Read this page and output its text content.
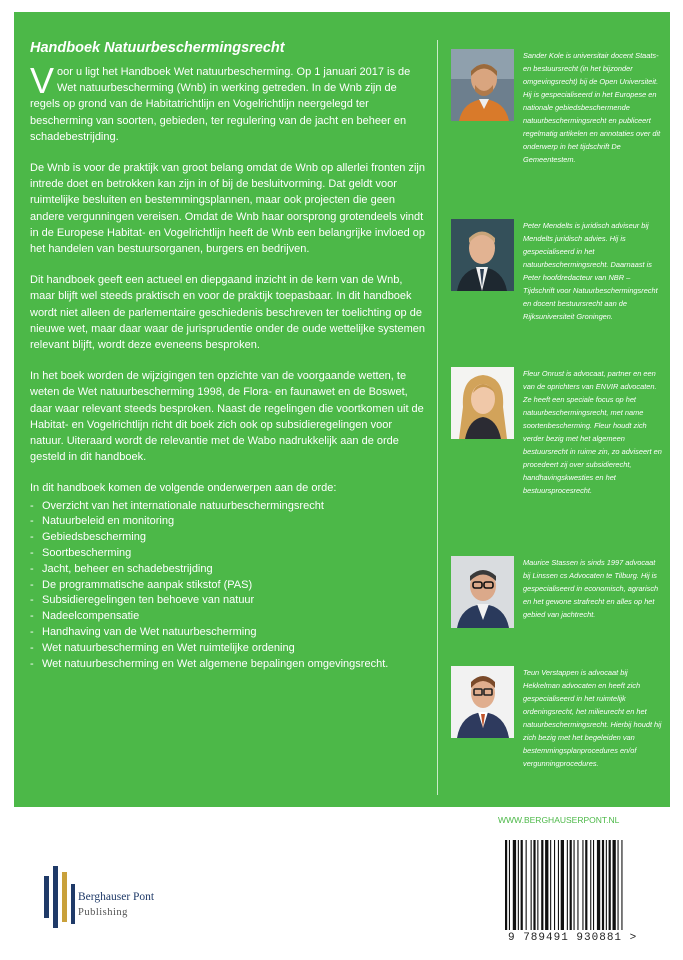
Handboek Natuurbeschermingsrecht

Voor u ligt het Handboek Wet natuurbescherming. Op 1 januari 2017 is de Wet natuurbescherming (Wnb) in werking getreden. In de Wnb zijn de regels op grond van de Habitatrichtlijn en Vogelrichtlijn neergelegd ter bescherming van soorten, gebieden, ter regulering van de jacht en beheer en schadebestrijding.

De Wnb is voor de praktijk van groot belang omdat de Wnb op allerlei fronten zijn intrede doet en betrokken kan zijn in of bij de besluitvorming. Dat geldt voor ruimtelijke besluiten en bestemmingsplannen, maar ook projecten die geen andere vergunningen vereisen. Omdat de Wnb haar oorsprong grotendeels vindt in de Europese Habitat- en Vogelrichtlijn heeft de Wnb een belangrijke invloed op het handelen van bestuursorganen, burgers en bedrijven.

Dit handboek geeft een actueel en diepgaand inzicht in de kern van de Wnb, maar blijft wel steeds praktisch en voor de praktijk toepasbaar. In dit handboek wordt niet alleen de parlementaire geschiedenis beschreven ter toelichting op de nieuwe wet, maar daar waar de jurisprudentie onder de oude wettelijke systemen relevant blijft, wordt deze eveneens besproken.

In het boek worden de wijzigingen ten opzichte van de voorgaande wetten, te weten de Wet natuurbescherming 1998, de Flora- en faunawet en de Boswet, daar waar relevant steeds besproken. Naast de regelingen die voortkomen uit de Habitat- en Vogelrichtlijn richt dit boek zich ook op subsidieregelingen voor natuur. Uiteraard wordt de relevantie met de Wabo nadrukkelijk aan de orde gesteld in dit handboek.

In dit handboek komen de volgende onderwerpen aan de orde:

- Overzicht van het internationale natuurbeschermingsrecht
- Natuurbeleid en monitoring
- Gebiedsbescherming
- Soortbescherming
- Jacht, beheer en schadebestrijding
- De programmatische aanpak stikstof (PAS)
- Subsidieregelingen ten behoeve van natuur
- Nadeelcompensatie
- Handhaving van de Wet natuurbescherming
- Wet natuurbescherming en Wet ruimtelijke ordening
- Wet natuurbescherming en Wet algemene bepalingen omgevingsrecht.
Sander Kole is universitair docent Staats- en bestuursrecht (in het bijzonder omgevingsrecht) bij de Open Universiteit. Hij is gespecialiseerd in het Europese en nationale gebiedsbeschermende natuurbeschermingsrecht en publiceert regelmatig artikelen en annotaties over dit onderwerp in het tijdschrift De Gemeentestem.
Peter Mendelts is juridisch adviseur bij Mendelts juridisch advies. Hij is gespecialiseerd in het natuurbeschermingsrecht. Daarnaast is Peter hoofdredacteur van NBR – Tijdschrift voor Natuurbeschermingsrecht en docent bestuursrecht aan de Rijksuniversiteit Groningen.
Fleur Onrust is advocaat, partner en een van de oprichters van ENVIR advocaten. Ze heeft een speciale focus op het natuurbeschermingsrecht, met name soortenbescherming. Fleur houdt zich verder bezig met het algemeen bestuursrecht in ruime zin, zo adviseert en procedeert zij over subsidierecht, handhavingskwesties en het bestuursprocesrecht.
Maurice Stassen is sinds 1997 advocaat bij Linssen cs Advocaten te Tilburg. Hij is gespecialiseerd in economisch, agrarisch en het gewone strafrecht en alles op het gebied van jachtrecht.
Teun Verstappen is advocaat bij Hekkelman advocaten en heeft zich gespecialiseerd in het ruimtelijk ordeningsrecht, het milieurecht en het natuurbeschermingsrecht. Hierbij houdt hij zich bezig met het begeleiden van bestemmingsplanprocedures en/of vergunningprocedures.
WWW.BERGHAUSERPONT.NL
Berghauser Pont
Publishing
9 789491 930881 >
